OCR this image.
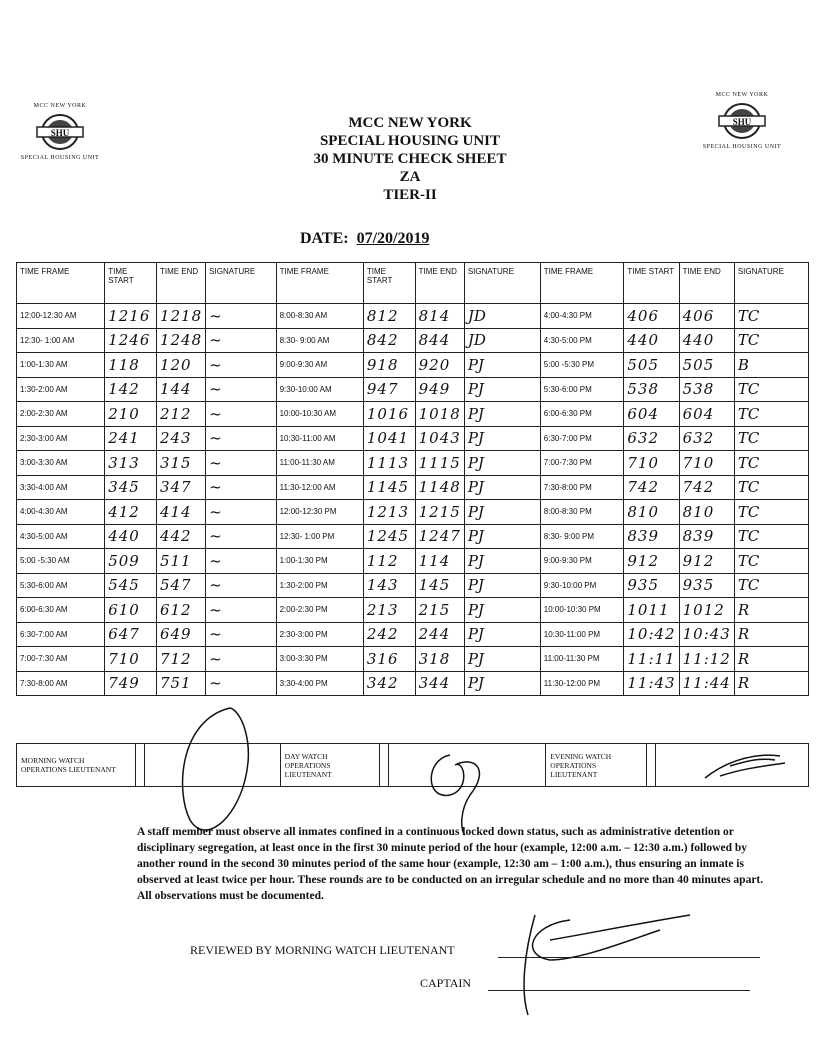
MCC NEW YORK
SHU
SPECIAL HOUSING UNIT
MCC NEW YORK
SHU
SPECIAL HOUSING UNIT
MCC NEW YORK
SPECIAL HOUSING UNIT
30 MINUTE CHECK SHEET
ZA
TIER-II
DATE: 07/20/2019
TIME FRAME	TIME START	TIME END	SIGNATURE	TIME FRAME	TIME START	TIME END	SIGNATURE	TIME FRAME	TIME START	TIME END	SIGNATURE
12:00-12:30 AM	1216	1218	~	8:00-8:30 AM	812	814	JD	4:00-4:30 PM	406	406	TC
12:30- 1:00 AM	1246	1248	~	8:30- 9:00 AM	842	844	JD	4:30-5:00 PM	440	440	TC
1:00-1:30 AM	118	120	~	9:00-9:30 AM	918	920	PJ	5:00 -5:30 PM	505	505	B
1:30-2:00 AM	142	144	~	9:30-10:00 AM	947	949	PJ	5:30-6:00 PM	538	538	TC
2:00-2:30 AM	210	212	~	10:00-10:30 AM	1016	1018	PJ	6:00-6:30 PM	604	604	TC
2:30-3:00 AM	241	243	~	10:30-11:00 AM	1041	1043	PJ	6:30-7:00 PM	632	632	TC
3:00-3:30 AM	313	315	~	11:00-11:30 AM	1113	1115	PJ	7:00-7:30 PM	710	710	TC
3:30-4:00 AM	345	347	~	11:30-12:00 AM	1145	1148	PJ	7:30-8:00 PM	742	742	TC
4:00-4:30 AM	412	414	~	12:00-12:30 PM	1213	1215	PJ	8:00-8:30 PM	810	810	TC
4:30-5:00 AM	440	442	~	12:30- 1:00 PM	1245	1247	PJ	8:30- 9:00 PM	839	839	TC
5:00 -5:30 AM	509	511	~	1:00-1:30 PM	112	114	PJ	9:00-9:30 PM	912	912	TC
5:30-6:00 AM	545	547	~	1:30-2:00 PM	143	145	PJ	9:30-10:00 PM	935	935	TC
6:00-6:30 AM	610	612	~	2:00-2:30 PM	213	215	PJ	10:00-10:30 PM	1011	1012	R
6:30-7:00 AM	647	649	~	2:30-3:00 PM	242	244	PJ	10:30-11:00 PM	10:42	10:43	R
7:00-7:30 AM	710	712	~	3:00-3:30 PM	316	318	PJ	11:00-11:30 PM	11:11	11:12	R
7:30-8:00 AM	749	751	~	3:30-4:00 PM	342	344	PJ	11:30-12:00 PM	11:43	11:44	R
MORNING WATCH OPERATIONS LIEUTENANT			DAY WATCH OPERATIONS LIEUTENANT			EVENING WATCH OPERATIONS LIEUTENANT		
A staff member must observe all inmates confined in a continuous locked down status, such as administrative detention or disciplinary segregation, at least once in the first 30 minute period of the hour (example, 12:00 a.m. – 12:30 a.m.) followed by another round in the second 30 minutes period of the same hour (example, 12:30 am – 1:00 a.m.), thus ensuring an inmate is observed at least twice per hour. These rounds are to be conducted on an irregular schedule and no more than 40 minutes apart. All observations must be documented.
REVIEWED BY MORNING WATCH LIEUTENANT
CAPTAIN
